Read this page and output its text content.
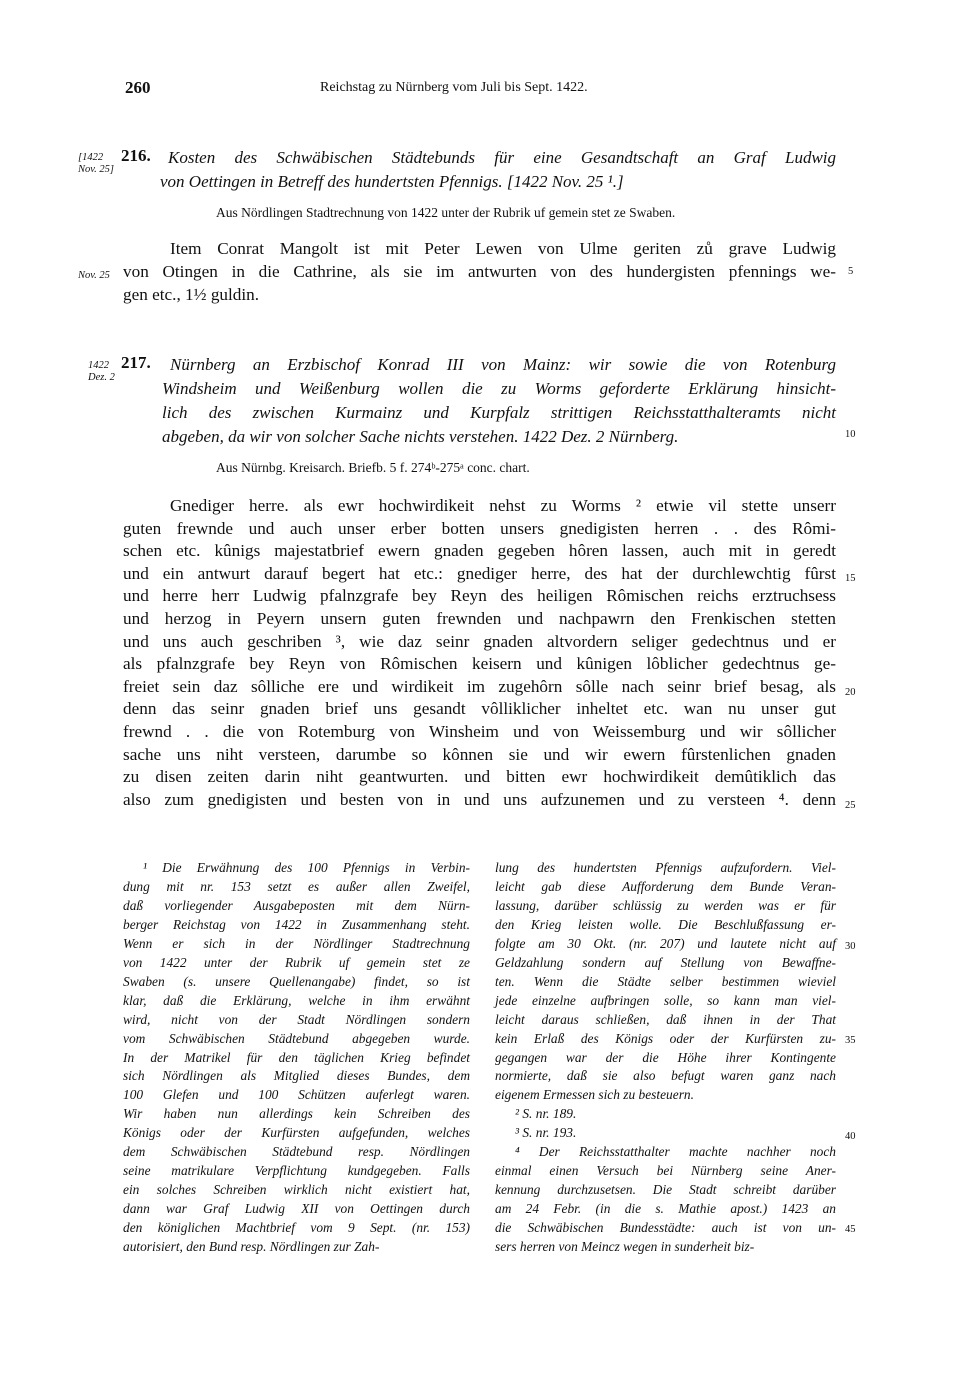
260	Reichstag zu Nürnberg vom Juli bis Sept. 1422.
[1422
Nov. 25]
216. Kosten des Schwäbischen Städtebunds für eine Gesandtschaft an Graf Ludwig
von Oettingen in Betreff des hundertsten Pfennigs. [1422 Nov. 25 ¹.]
Aus Nördlingen Stadtrechnung von 1422 unter der Rubrik uf gemein stet ze Swaben.
Nov. 25
Item Conrat Mangolt ist mit Peter Lewen von Ulme geriten zů grave Ludwig
von Otingen in die Cathrine, als sie im antwurten von des hundergisten pfennings we-
gen etc., 1½ guldin.
1422
Dez. 2
217. Nürnberg an Erzbischof Konrad III von Mainz: wir sowie die von Rotenburg
Windsheim und Weißenburg wollen die zu Worms geforderte Erklärung hinsicht-
lich des zwischen Kurmainz und Kurpfalz strittigen Reichsstatthalteramts nicht
abgeben, da wir von solcher Sache nichts verstehen. 1422 Dez. 2 Nürnberg.
Aus Nürnbg. Kreisarch. Briefb. 5 f. 274ᵇ-275ᵃ conc. chart.
Gnediger herre. als ewr hochwirdikeit nehst zu Worms ² etwie vil stette unserr
guten frewnde und auch unser erber botten unsers gnedigisten herren . . des Rômi-
schen etc. kûnigs majestatbrief ewern gnaden gegeben hôren lassen, auch mit in geredt
und ein antwurt darauf begert hat etc.: gnediger herre, des hat der durchlewchtig fûrst
und herre herr Ludwig pfalnzgrafe bey Reyn des heiligen Rômischen reichs erztruchsess
und herzog in Peyern unsern guten frewnden und nachpawrn den Frenkischen stetten
und uns auch geschriben ³, wie daz seinr gnaden altvordern seliger gedechtnus und er
als pfalnzgrafe bey Reyn von Rômischen keisern und kûnigen lôblicher gedechtnus ge-
freiet sein daz sôlliche ere und wirdikeit im zugehôrn sôlle nach seinr brief besag, als
denn das seinr gnaden brief uns gesandt vôlliklicher inheltet etc. wan nu unser gut
frewnd . . die von Rotemburg von Winsheim und von Weissemburg und wir sôllicher
sache uns niht versteen, darumbe so kônnen sie und wir ewern fûrstenlichen gnaden
zu disen zeiten darin niht geantwurten. und bitten ewr hochwirdikeit demûtiklich das
also zum gnedigisten und besten von in und uns aufzunemen und zu versteen ⁴. denn
5
10
15
20
25
30
35
40
45
¹ Die Erwähnung des 100 Pfennigs in Verbin-
dung mit nr. 153 setzt es außer allen Zweifel,
daß vorliegender Ausgabeposten mit dem Nürn-
berger Reichstag von 1422 in Zusammenhang steht.
Wenn er sich in der Nördlinger Stadtrechnung
von 1422 unter der Rubrik uf gemein stet ze
Swaben (s. unsere Quellenangabe) findet, so ist
klar, daß die Erklärung, welche in ihm erwähnt
wird, nicht von der Stadt Nördlingen sondern
vom Schwäbischen Städtebund abgegeben wurde.
In der Matrikel für den täglichen Krieg befindet
sich Nördlingen als Mitglied dieses Bundes, dem
100 Glefen und 100 Schützen auferlegt waren.
Wir haben nun allerdings kein Schreiben des
Königs oder der Kurfürsten aufgefunden, welches
dem Schwäbischen Städtebund resp. Nördlingen
seine matrikulare Verpflichtung kundgegeben. Falls
ein solches Schreiben wirklich nicht existiert hat,
dann war Graf Ludwig XII von Oettingen durch
den königlichen Machtbrief vom 9 Sept. (nr. 153)
autorisiert, den Bund resp. Nördlingen zur Zah-
lung des hundertsten Pfennigs aufzufordern. Viel-
leicht gab diese Aufforderung dem Bunde Veran-
lassung, darüber schlüssig zu werden was er für
den Krieg leisten wolle. Die Beschlußfassung er-
folgte am 30 Okt. (nr. 207) und lautete nicht auf
Geldzahlung sondern auf Stellung von Bewaffne-
ten. Wenn die Städte selber bestimmen wieviel
jede einzelne aufbringen solle, so kann man viel-
leicht daraus schließen, daß ihnen in der That
kein Erlaß des Königs oder der Kurfürsten zu-
gegangen war der die Höhe ihrer Kontingente
normierte, daß sie also befugt waren ganz nach
eigenem Ermessen sich zu besteuern.
² S. nr. 189.
³ S. nr. 193.
⁴ Der Reichsstatthalter machte nachher noch
einmal einen Versuch bei Nürnberg seine Aner-
kennung durchzusetsen. Die Stadt schreibt darüber
am 24 Febr. (in die s. Mathie apost.) 1423 an
die Schwäbischen Bundesstädte: auch ist von un-
sers herren von Meincz wegen in sunderheit biz-
